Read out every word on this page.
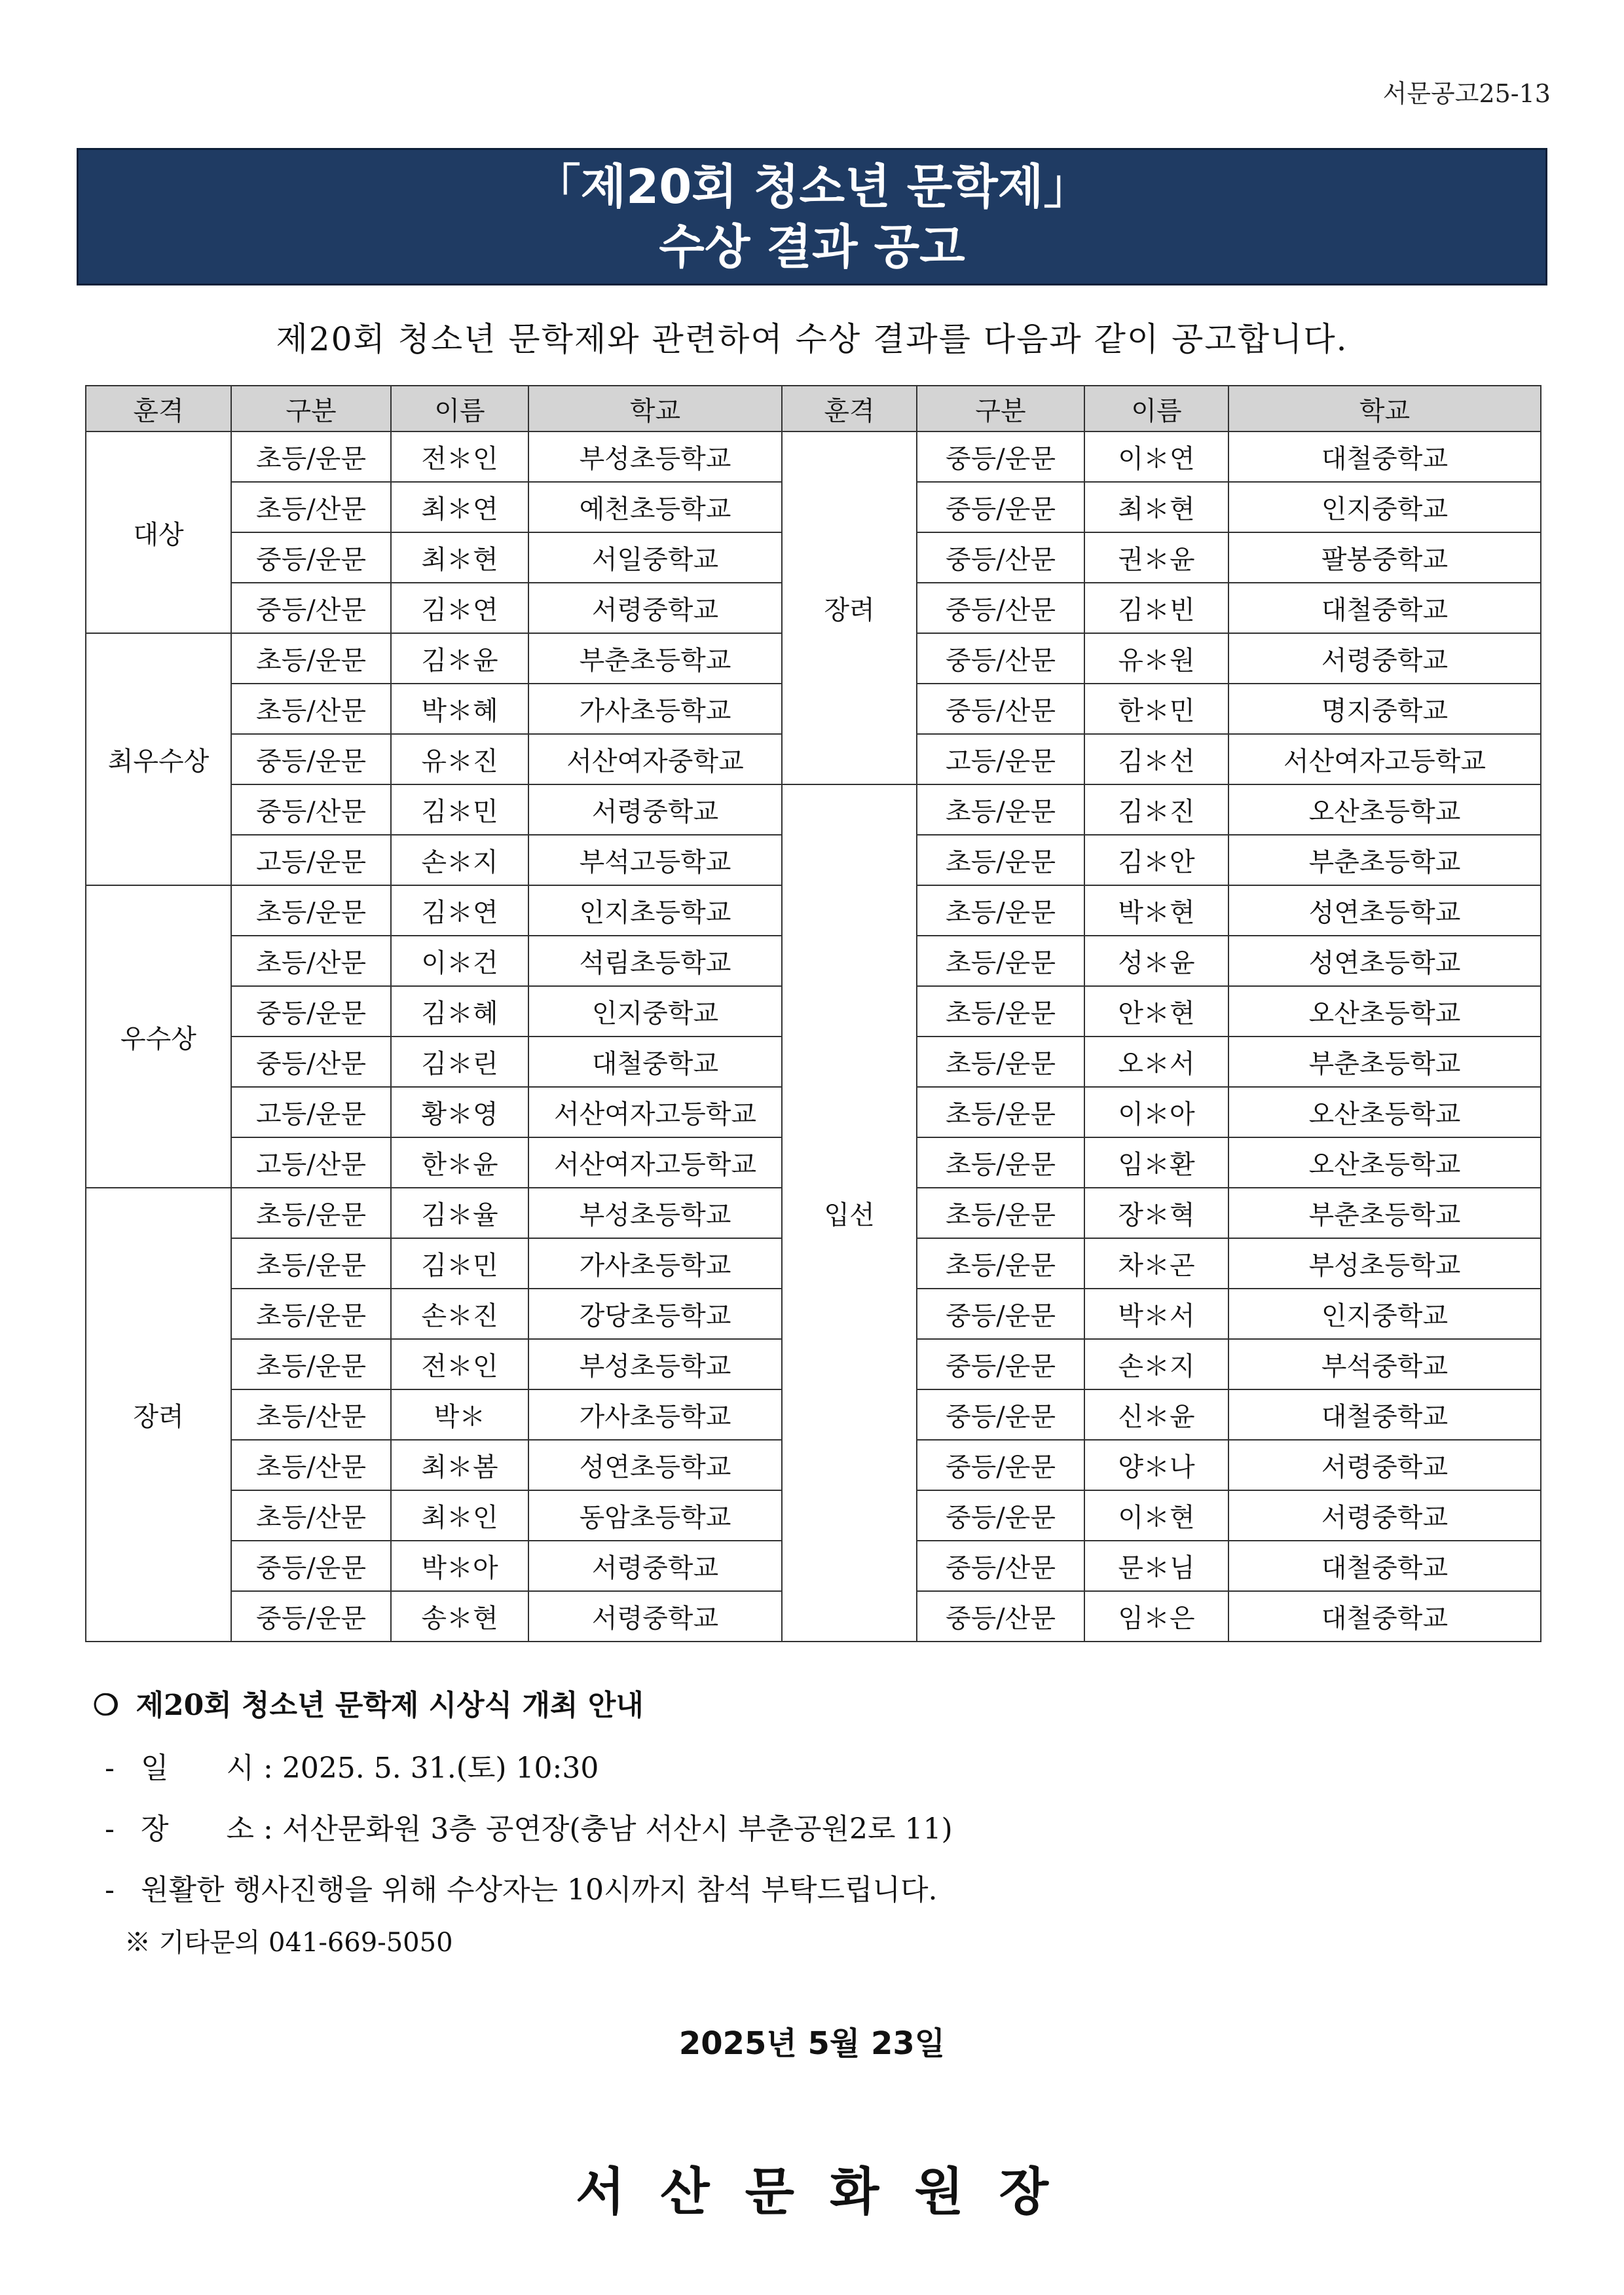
서문공고25-13
「제20회 청소년 문학제」
수상 결과 공고
제20회 청소년 문학제와 관련하여 수상 결과를 다음과 같이 공고합니다.
훈격	구분	이름	학교	훈격	구분	이름	학교
대상	초등/운문	전＊인	부성초등학교	장려	중등/운문	이＊연	대철중학교
	초등/산문	최＊연	예천초등학교		중등/운문	최＊현	인지중학교
	중등/운문	최＊현	서일중학교		중등/산문	권＊윤	팔봉중학교
	중등/산문	김＊연	서령중학교		중등/산문	김＊빈	대철중학교
최우수상	초등/운문	김＊윤	부춘초등학교		중등/산문	유＊원	서령중학교
	초등/산문	박＊혜	가사초등학교		중등/산문	한＊민	명지중학교
	중등/운문	유＊진	서산여자중학교		고등/운문	김＊선	서산여자고등학교
	중등/산문	김＊민	서령중학교	입선	초등/운문	김＊진	오산초등학교
	고등/운문	손＊지	부석고등학교		초등/운문	김＊안	부춘초등학교
우수상	초등/운문	김＊연	인지초등학교		초등/운문	박＊현	성연초등학교
	초등/산문	이＊건	석림초등학교		초등/운문	성＊윤	성연초등학교
	중등/운문	김＊혜	인지중학교		초등/운문	안＊현	오산초등학교
	중등/산문	김＊린	대철중학교		초등/운문	오＊서	부춘초등학교
	고등/운문	황＊영	서산여자고등학교		초등/운문	이＊아	오산초등학교
	고등/산문	한＊윤	서산여자고등학교		초등/운문	임＊환	오산초등학교
장려	초등/운문	김＊율	부성초등학교		초등/운문	장＊혁	부춘초등학교
	초등/운문	김＊민	가사초등학교		초등/운문	차＊곤	부성초등학교
	초등/운문	손＊진	강당초등학교		중등/운문	박＊서	인지중학교
	초등/운문	전＊인	부성초등학교		중등/운문	손＊지	부석중학교
	초등/산문	박＊	가사초등학교		중등/운문	신＊윤	대철중학교
	초등/산문	최＊봄	성연초등학교		중등/운문	양＊나	서령중학교
	초등/산문	최＊인	동암초등학교		중등/운문	이＊현	서령중학교
	중등/운문	박＊아	서령중학교		중등/산문	문＊님	대철중학교
	중등/운문	송＊현	서령중학교		중등/산문	임＊은	대철중학교
❍ 제20회 청소년 문학제 시상식 개최 안내
- 일　　시 : 2025. 5. 31.(토) 10:30
- 장　　소 : 서산문화원 3층 공연장(충남 서산시 부춘공원2로 11)
- 원활한 행사진행을 위해 수상자는 10시까지 참석 부탁드립니다.
※ 기타문의 041-669-5050
2025년 5월 23일
서산문화원장
